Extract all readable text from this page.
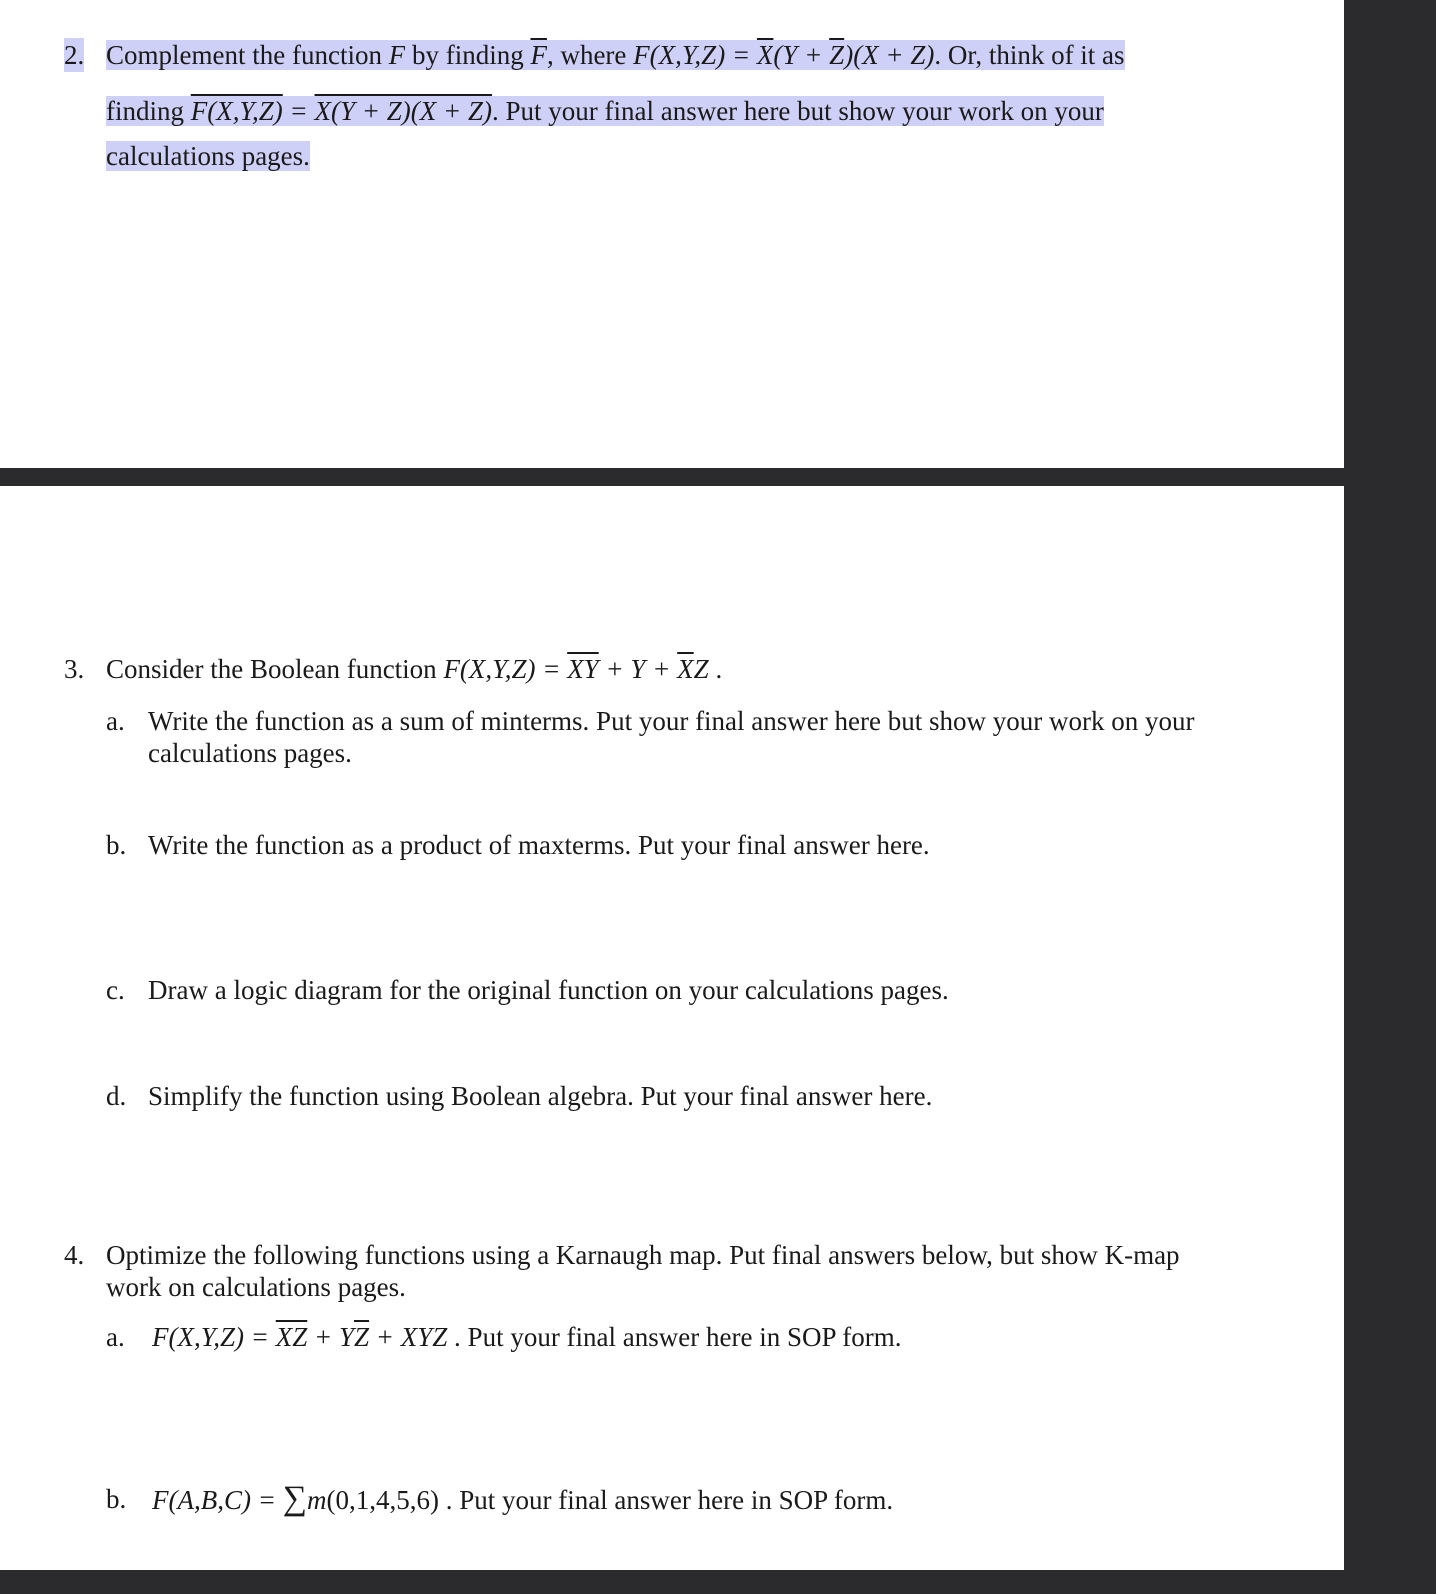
2. Complement the function F by finding $\overline{F}$, where $F(X,Y,Z) = \overline{X}(Y + \overline{Z})(X + Z)$. Or, think of it as
finding F(X,Y,Z) = X(Y + Z)(X + Z). Put your final answer here but show your work on your
calculations pages.
3. Consider the Boolean function $F(X,Y,Z) = \overline{XY} + Y + \overline{X}Z$ .
a. Write the function as a sum of minterms. Put your final answer here but show your work on your
calculations pages.
b. Write the function as a product of maxterms. Put your final answer here.
c. Draw a logic diagram for the original function on your calculations pages.
d. Simplify the function using Boolean algebra. Put your final answer here.
4. Optimize the following functions using a Karnaugh map. Put final answers below, but show K-map
work on calculations pages.
a. $F(X,Y,Z) = \overline{XZ} + Y\overline{Z}$ + XYZ . Put your final answer here in SOP form.
b. F(A,B,C) = ∑m(0,1,4,5,6) . Put your final answer here in SOP form.
